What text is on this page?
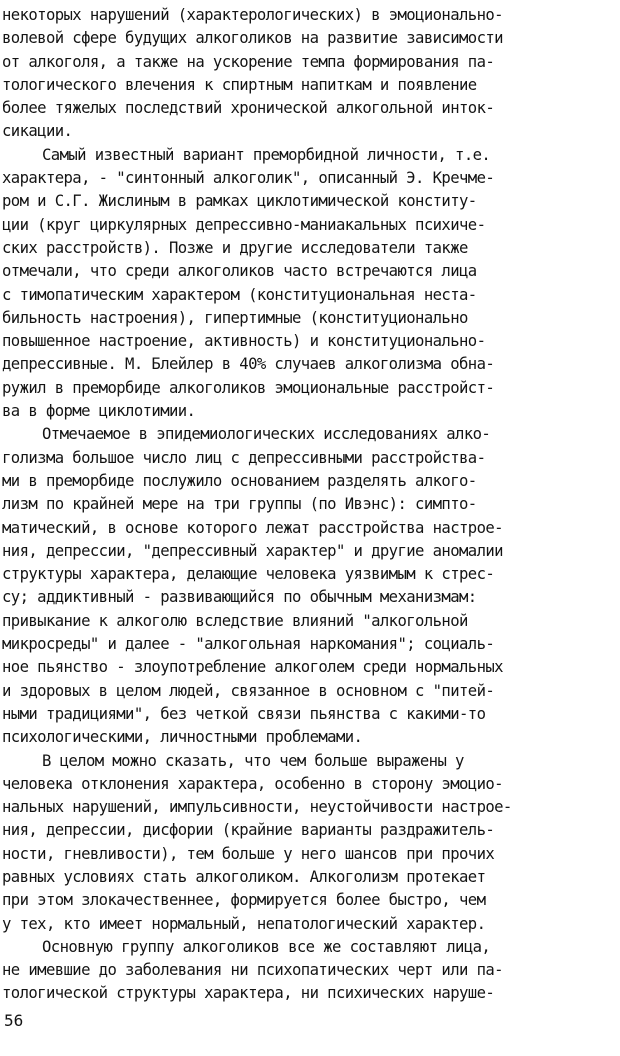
некоторых нарушений (характерологических) в эмоционально-
волевой сфере будущих алкоголиков на развитие зависимости
от алкоголя, а также на ускорение темпа формирования па-
тологического влечения к спиртным напиткам и появление
более тяжелых последствий хронической алкогольной инток-
сикации.
Самый известный вариант преморбидной личности, т.е.
характера, - "синтонный алкоголик", описанный Э. Кречме-
ром и С.Г. Жислиным в рамках циклотимической конститу-
ции (круг циркулярных депрессивно-маниакальных психиче-
ских расстройств). Позже и другие исследователи также
отмечали, что среди алкоголиков часто встречаются лица
с тимопатическим характером (конституциональная неста-
бильность настроения), гипертимные (конституционально
повышенное настроение, активность) и конституционально-
депрессивные. М. Блейлер в 40% случаев алкоголизма обна-
ружил в преморбиде алкоголиков эмоциональные расстройст-
ва в форме циклотимии.
Отмечаемое в эпидемиологических исследованиях алко-
голизма большое число лиц с депрессивными расстройства-
ми в преморбиде послужило основанием разделять алкого-
лизм по крайней мере на три группы (по Ивэнс): симпто-
матический, в основе которого лежат расстройства настрое-
ния, депрессии, "депрессивный характер" и другие аномалии
структуры характера, делающие человека уязвимым к стрес-
су; аддиктивный - развивающийся по обычным механизмам:
привыкание к алкоголю вследствие влияний "алкогольной
микросреды" и далее - "алкогольная наркомания"; социаль-
ное пьянство - злоупотребление алкоголем среди нормальных
и здоровых в целом людей, связанное в основном с "питей-
ными традициями", без четкой связи пьянства с какими-то
психологическими, личностными проблемами.
В целом можно сказать, что чем больше выражены у
человека отклонения характера, особенно в сторону эмоцио-
нальных нарушений, импульсивности, неустойчивости настрое-
ния, депрессии, дисфории (крайние варианты раздражитель-
ности, гневливости), тем больше у него шансов при прочих
равных условиях стать алкоголиком. Алкоголизм протекает
при этом злокачественнее, формируется более быстро, чем
у тех, кто имеет нормальный, непатологический характер.
Основную группу алкоголиков все же составляют лица,
не имевшие до заболевания ни психопатических черт или па-
тологической структуры характера, ни психических наруше-
56
